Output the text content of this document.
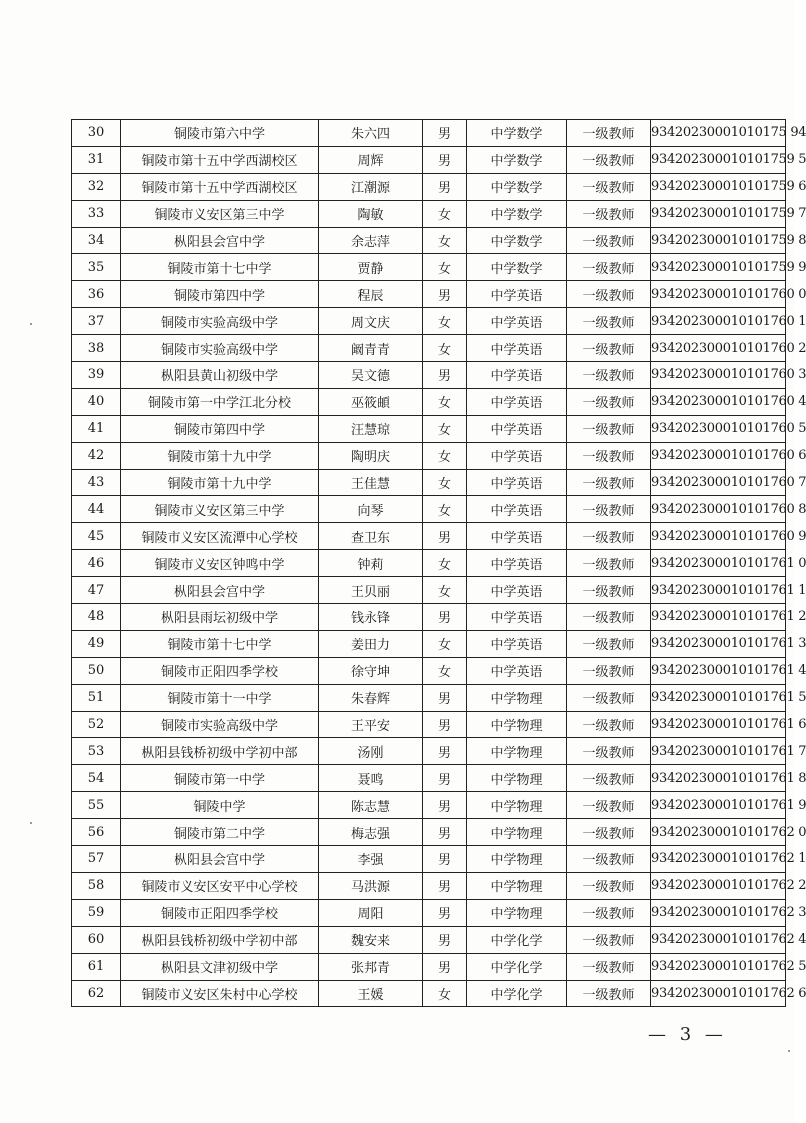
30	铜陵市第六中学	朱六四	男	中学数学	一级教师	93420230001010175 94
31	铜陵市第十五中学西湖校区	周辉	男	中学数学	一级教师	934202300010101759 5
32	铜陵市第十五中学西湖校区	江潮源	男	中学数学	一级教师	934202300010101759 6
33	铜陵市义安区第三中学	陶敏	女	中学数学	一级教师	934202300010101759 7
34	枞阳县会宫中学	余志萍	女	中学数学	一级教师	934202300010101759 8
35	铜陵市第十七中学	贾静	女	中学数学	一级教师	934202300010101759 9
36	铜陵市第四中学	程辰	男	中学英语	一级教师	934202300010101760 0
37	铜陵市实验高级中学	周文庆	女	中学英语	一级教师	934202300010101760 1
38	铜陵市实验高级中学	阚青青	女	中学英语	一级教师	934202300010101760 2
39	枞阳县黄山初级中学	吴文德	男	中学英语	一级教师	934202300010101760 3
40	铜陵市第一中学江北分校	巫筱頔	女	中学英语	一级教师	934202300010101760 4
41	铜陵市第四中学	汪慧琼	女	中学英语	一级教师	934202300010101760 5
42	铜陵市第十九中学	陶明庆	女	中学英语	一级教师	934202300010101760 6
43	铜陵市第十九中学	王佳慧	女	中学英语	一级教师	934202300010101760 7
44	铜陵市义安区第三中学	向琴	女	中学英语	一级教师	934202300010101760 8
45	铜陵市义安区流潭中心学校	查卫东	男	中学英语	一级教师	934202300010101760 9
46	铜陵市义安区钟鸣中学	钟莉	女	中学英语	一级教师	934202300010101761 0
47	枞阳县会宫中学	王贝丽	女	中学英语	一级教师	934202300010101761 1
48	枞阳县雨坛初级中学	钱永锋	男	中学英语	一级教师	934202300010101761 2
49	铜陵市第十七中学	姜田力	女	中学英语	一级教师	934202300010101761 3
50	铜陵市正阳四季学校	徐守坤	女	中学英语	一级教师	934202300010101761 4
51	铜陵市第十一中学	朱春辉	男	中学物理	一级教师	934202300010101761 5
52	铜陵市实验高级中学	王平安	男	中学物理	一级教师	934202300010101761 6
53	枞阳县钱桥初级中学初中部	汤刚	男	中学物理	一级教师	934202300010101761 7
54	铜陵市第一中学	聂鸣	男	中学物理	一级教师	934202300010101761 8
55	铜陵中学	陈志慧	男	中学物理	一级教师	934202300010101761 9
56	铜陵市第二中学	梅志强	男	中学物理	一级教师	934202300010101762 0
57	枞阳县会宫中学	李强	男	中学物理	一级教师	934202300010101762 1
58	铜陵市义安区安平中心学校	马洪源	男	中学物理	一级教师	934202300010101762 2
59	铜陵市正阳四季学校	周阳	男	中学物理	一级教师	934202300010101762 3
60	枞阳县钱桥初级中学初中部	魏安来	男	中学化学	一级教师	934202300010101762 4
61	枞阳县文津初级中学	张邦青	男	中学化学	一级教师	934202300010101762 5
62	铜陵市义安区朱村中心学校	王媛	女	中学化学	一级教师	934202300010101762 6
— 3 —
